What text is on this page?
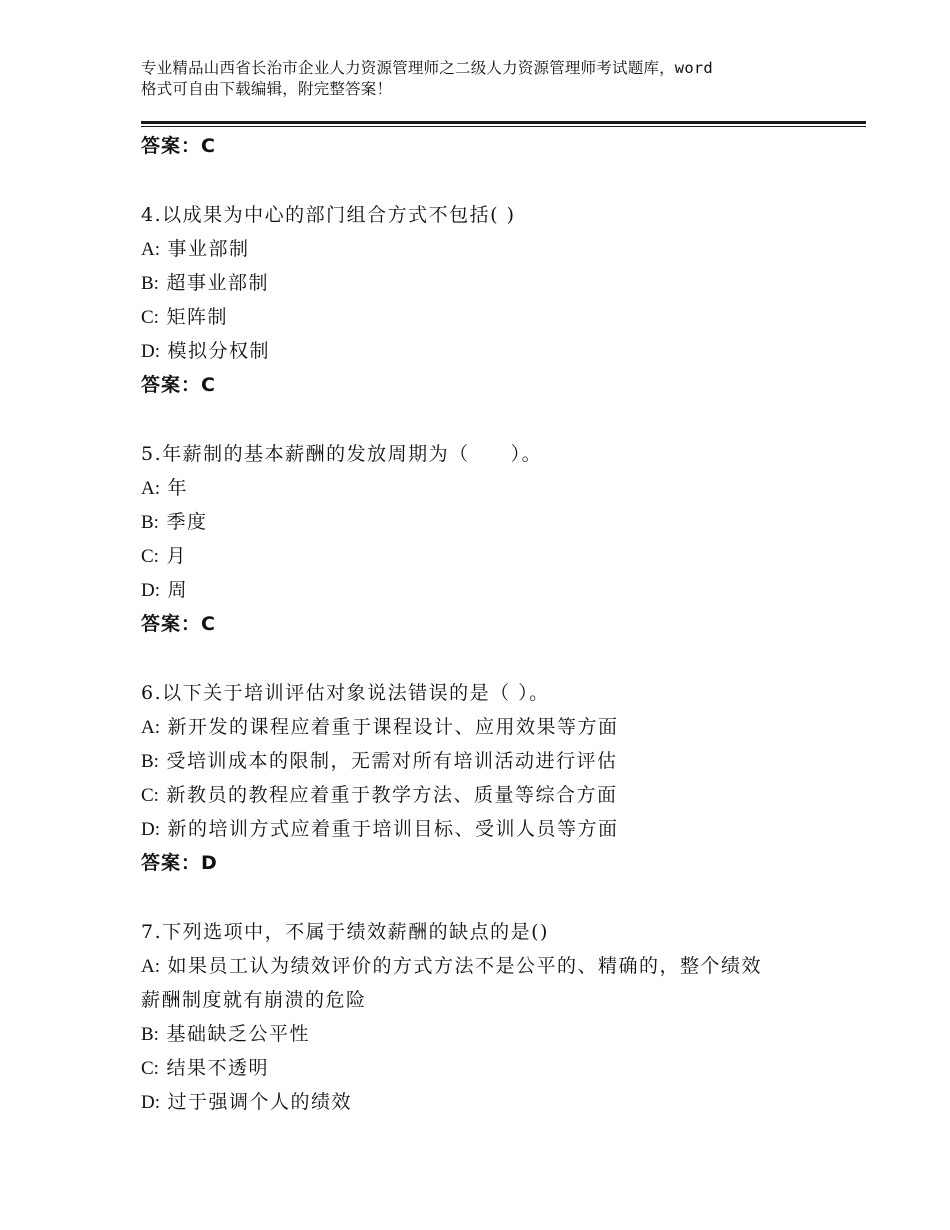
专业精品山西省长治市企业人力资源管理师之二级人力资源管理师考试题库，word
格式可自由下载编辑，附完整答案！
答案：C
4.以成果为中心的部门组合方式不包括( )
A: 事业部制
B: 超事业部制
C: 矩阵制
D: 模拟分权制
答案：C
5.年薪制的基本薪酬的发放周期为（　　）。
A: 年
B: 季度
C: 月
D: 周
答案：C
6.以下关于培训评估对象说法错误的是（ ）。
A: 新开发的课程应着重于课程设计、应用效果等方面
B: 受培训成本的限制，无需对所有培训活动进行评估
C: 新教员的教程应着重于教学方法、质量等综合方面
D: 新的培训方式应着重于培训目标、受训人员等方面
答案：D
7.下列选项中，不属于绩效薪酬的缺点的是()
A: 如果员工认为绩效评价的方式方法不是公平的、精确的，整个绩效
薪酬制度就有崩溃的危险
B: 基础缺乏公平性
C: 结果不透明
D: 过于强调个人的绩效
